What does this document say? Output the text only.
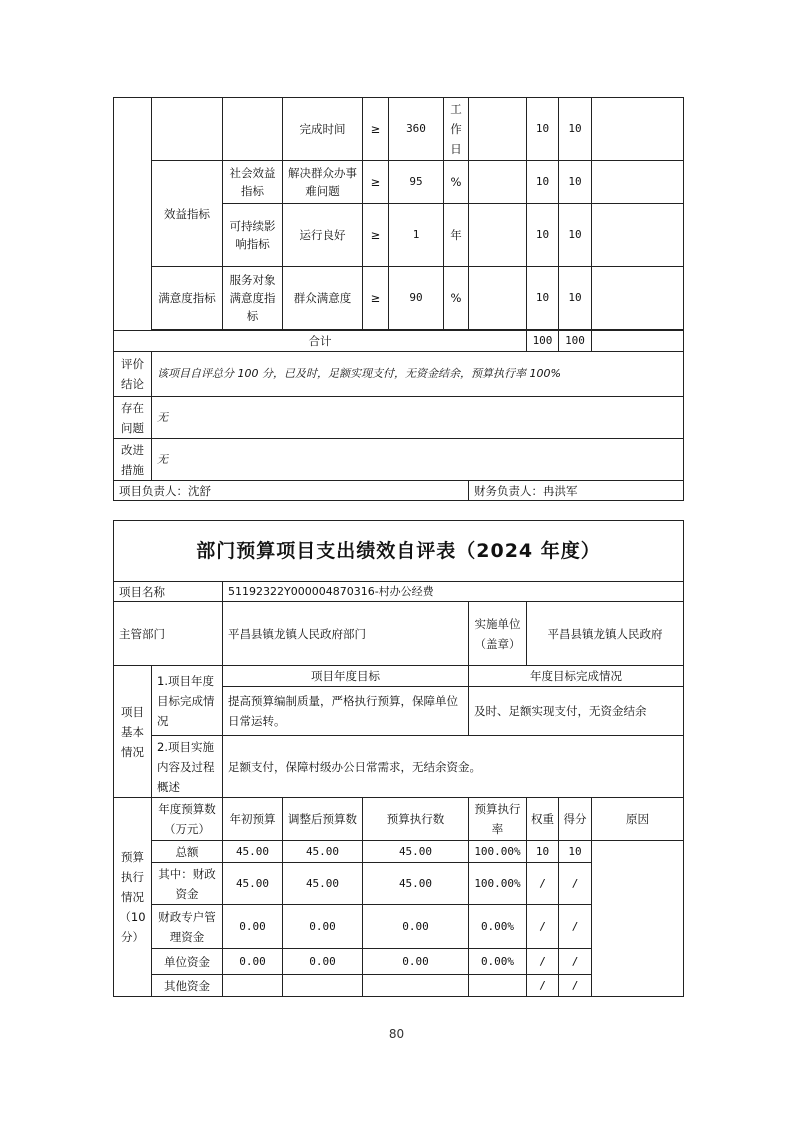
			完成时间	≥	360	工作日		10	10	
	效益指标	社会效益指标	解决群众办事难问题	≥	95	%		10	10	
		可持续影响指标	运行良好	≥	1	年		10	10	
	满意度指标	服务对象满意度指标	群众满意度	≥	90	%		10	10	

合计								100	100	
评价结论	该项目自评总分 100 分，已及时，足额实现支付，无资金结余，预算执行率 100%									
存在问题	无									
改进措施	无									
项目负责人：沈舒							财务负责人：冉洪军			
部门预算项目支出绩效自评表（2024 年度）								
项目名称		51192322Y000004870316-村办公经费						
主管部门		平昌县镇龙镇人民政府部门			实施单位（盖章）	平昌县镇龙镇人民政府		
项目基本情况	1.项目年度目标完成情况	项目年度目标			年度目标完成情况			
		提高预算编制质量，严格执行预算，保障单位日常运转。			及时、足额实现支付，无资金结余			
	2.项目实施内容及过程概述	足额支付，保障村级办公日常需求，无结余资金。						
预算执行情况（10分）	年度预算数（万元）	年初预算	调整后预算数	预算执行数	预算执行率	权重	得分	原因
	总额	45.00	45.00	45.00	100.00%	10	10	
	其中：财政资金	45.00	45.00	45.00	100.00%	/	/	
	财政专户管理资金	0.00	0.00	0.00	0.00%	/	/	
	单位资金	0.00	0.00	0.00	0.00%	/	/	
	其他资金					/	/	
80
